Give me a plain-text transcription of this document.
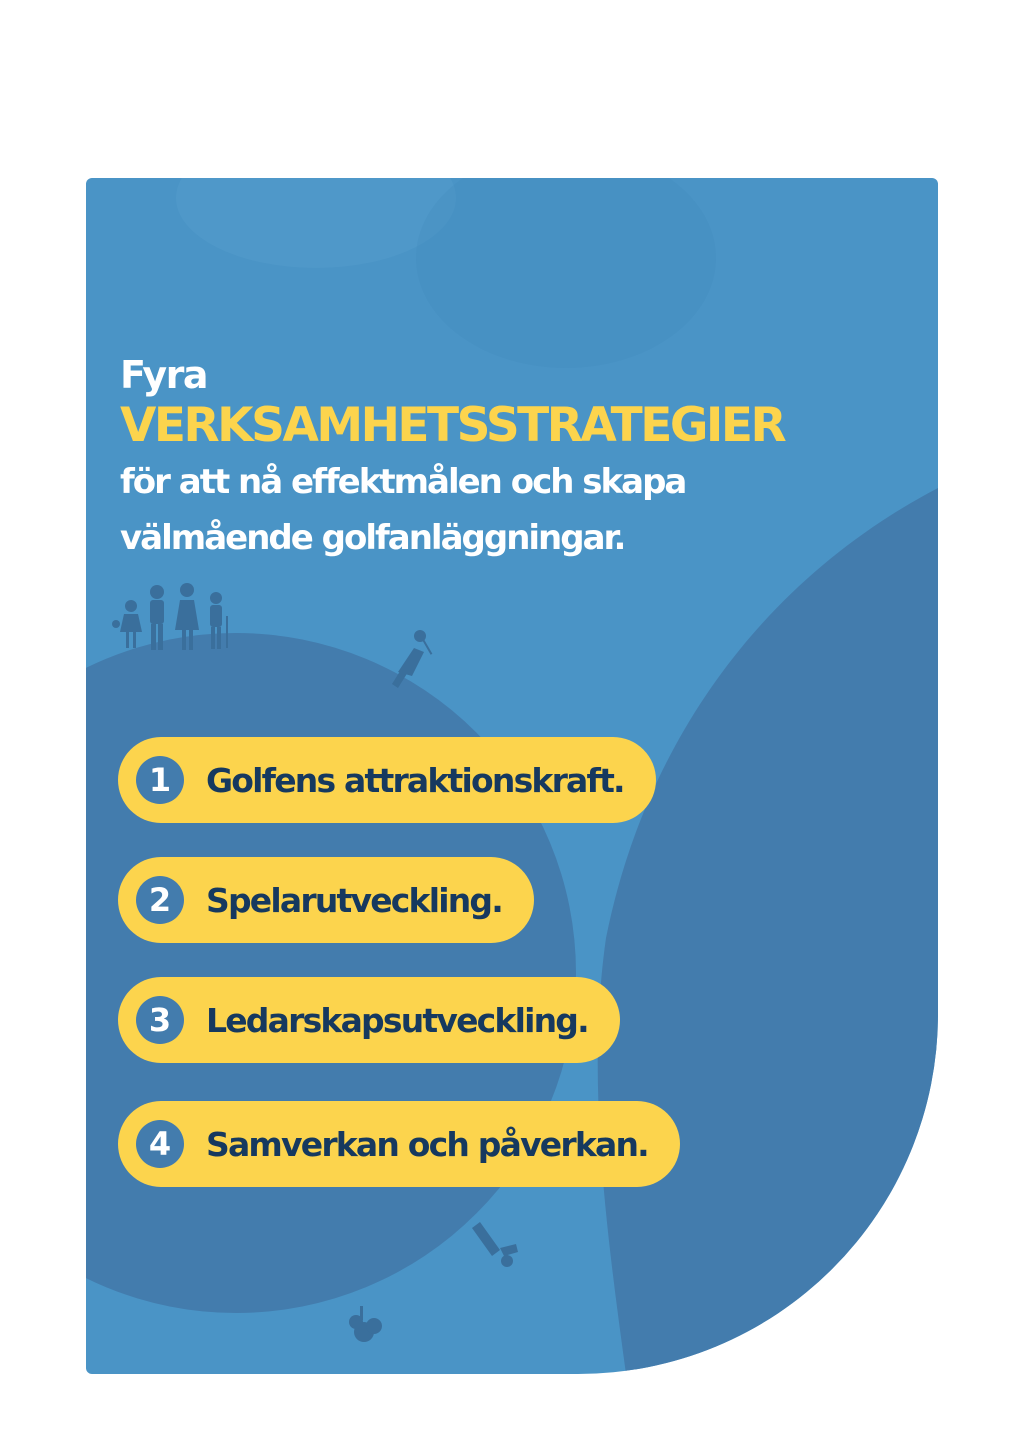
Fyra
VERKSAMHETSSTRATEGIER
för att nå effektmålen och skapa
välmående golfanläggningar.
1	Golfens attraktionskraft.
2	Spelarutveckling.
3	Ledarskapsutveckling.
4	Samverkan och påverkan.
